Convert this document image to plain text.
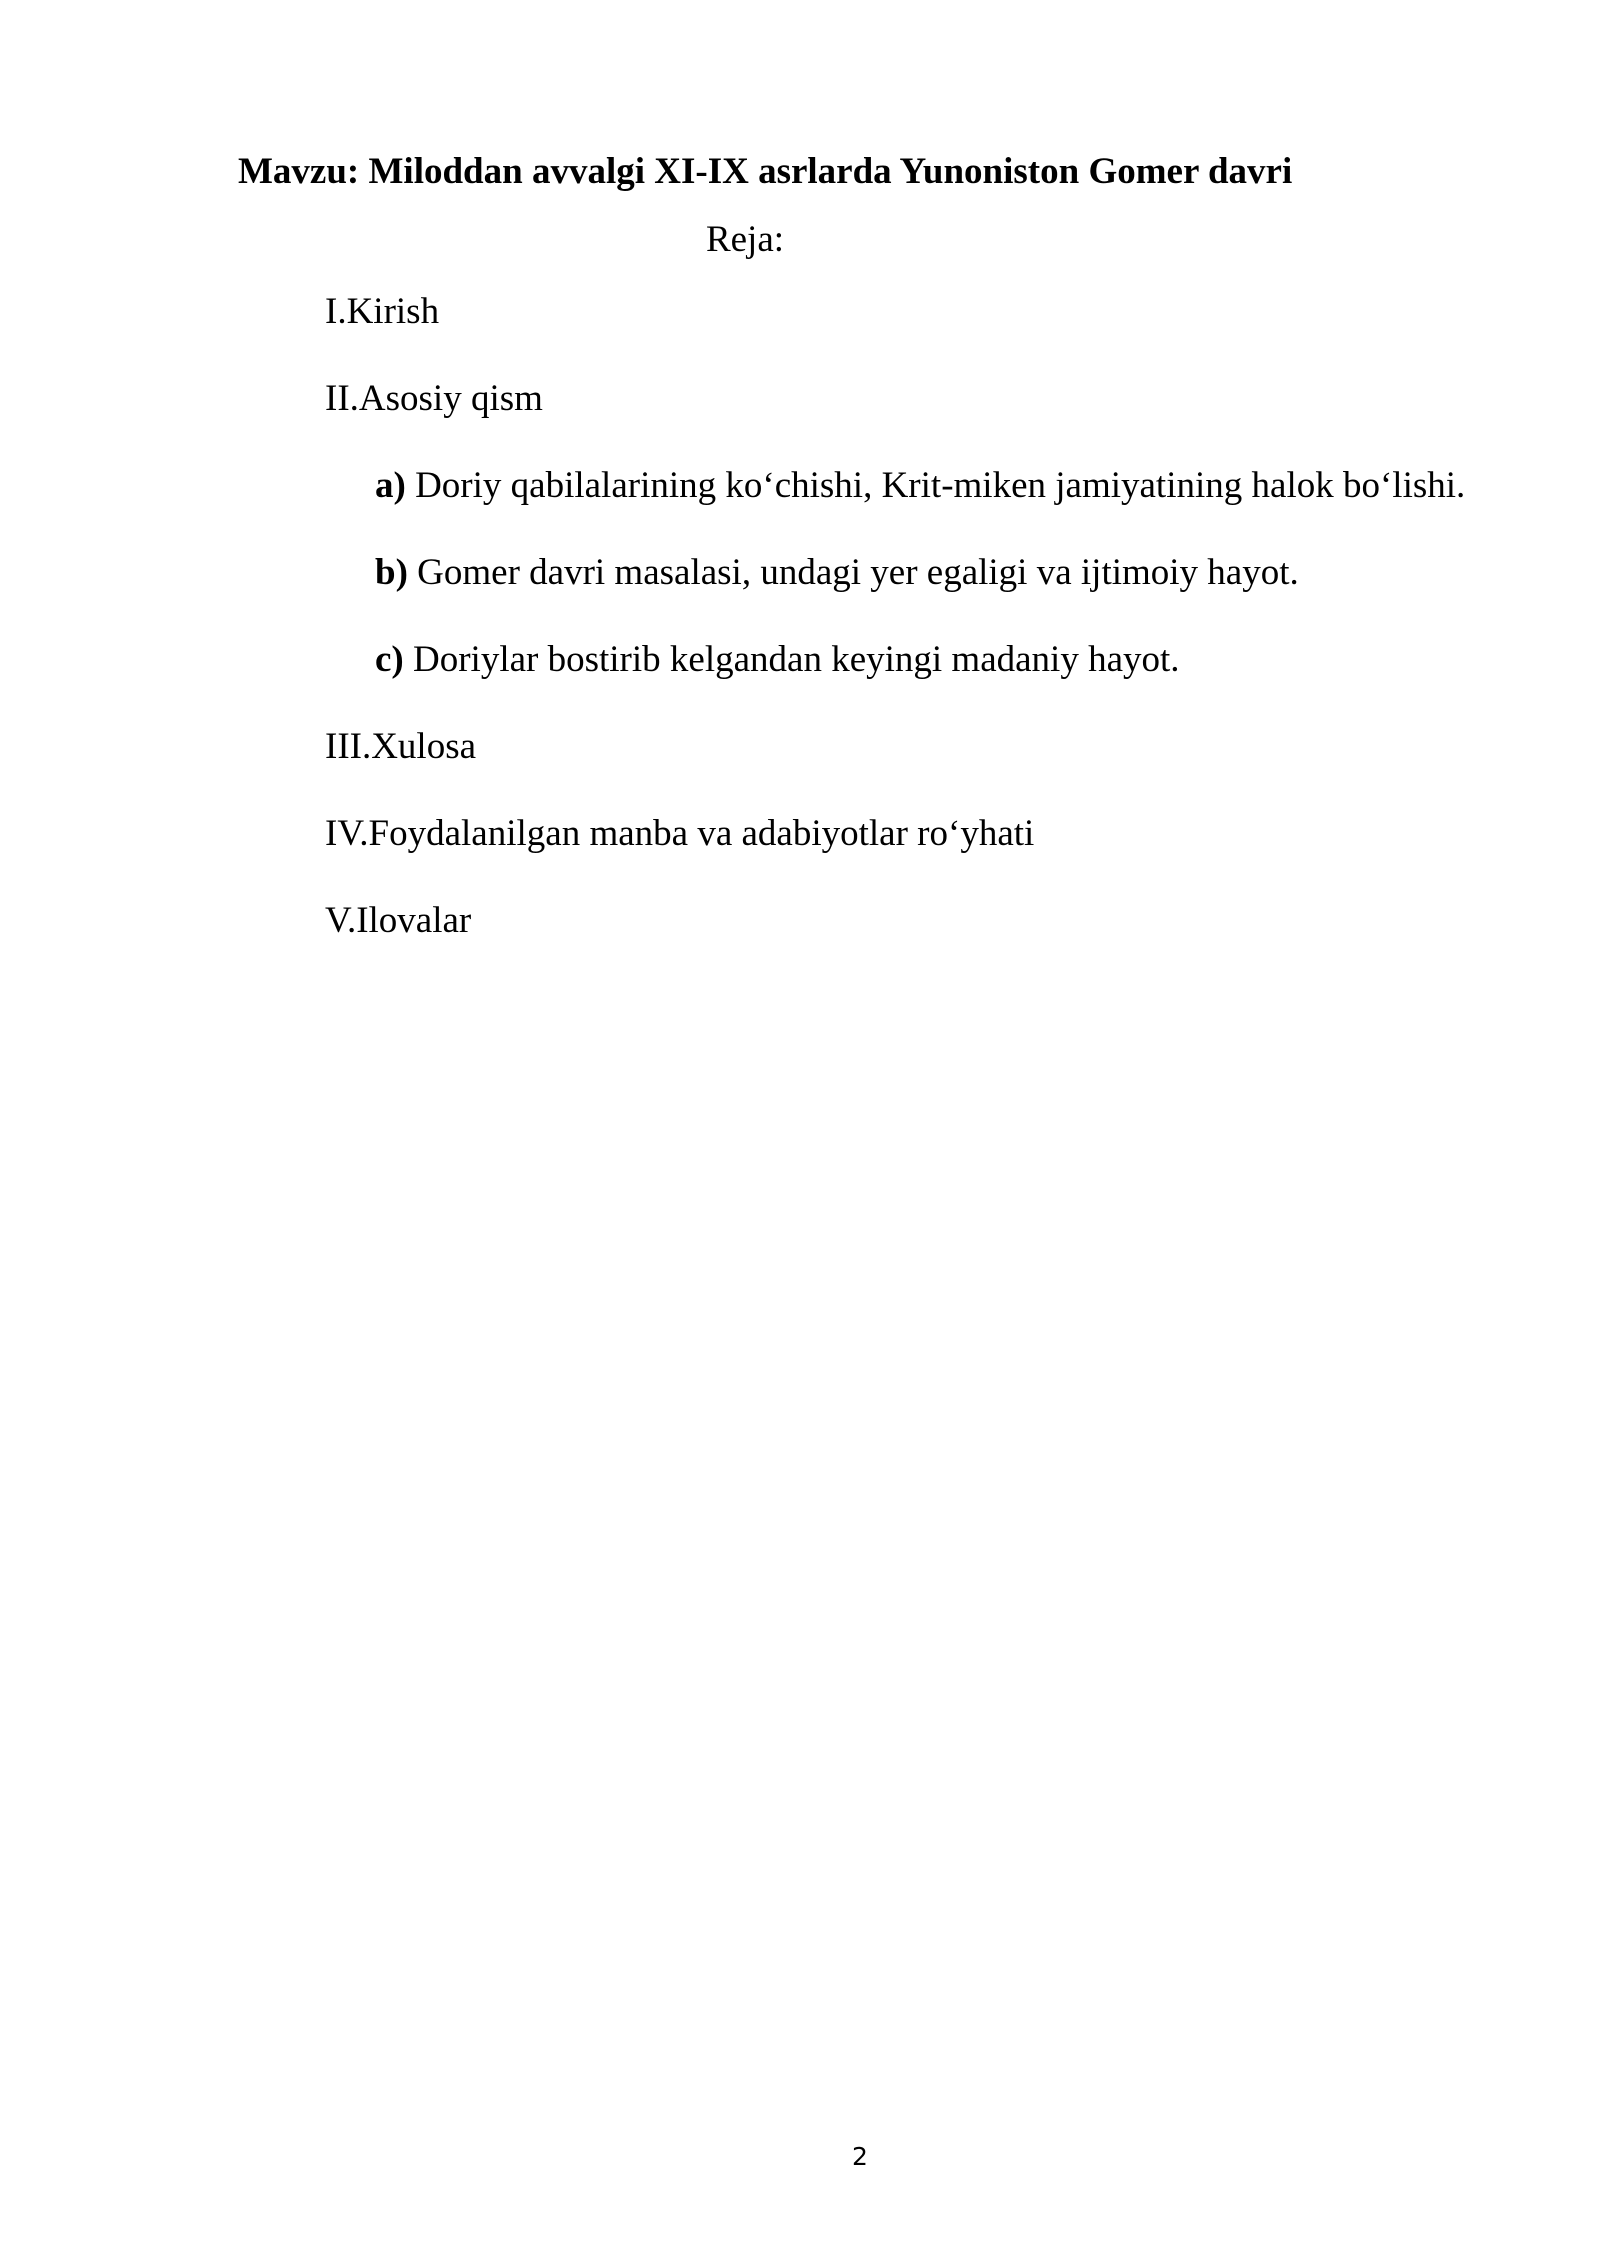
Mavzu: Miloddan avvalgi XI-IX asrlarda Yunoniston Gomer davri
Reja:
I.Kirish
II.Asosiy qism
a) Doriy qabilalarining ko‘chishi, Krit-miken jamiyatining halok bo‘lishi.
b) Gomer davri masalasi, undagi yer egaligi va ijtimoiy hayot.
c) Doriylar bostirib kelgandan keyingi madaniy hayot.
III.Xulosa
IV.Foydalanilgan manba va adabiyotlar ro‘yhati
V.Ilovalar
2
